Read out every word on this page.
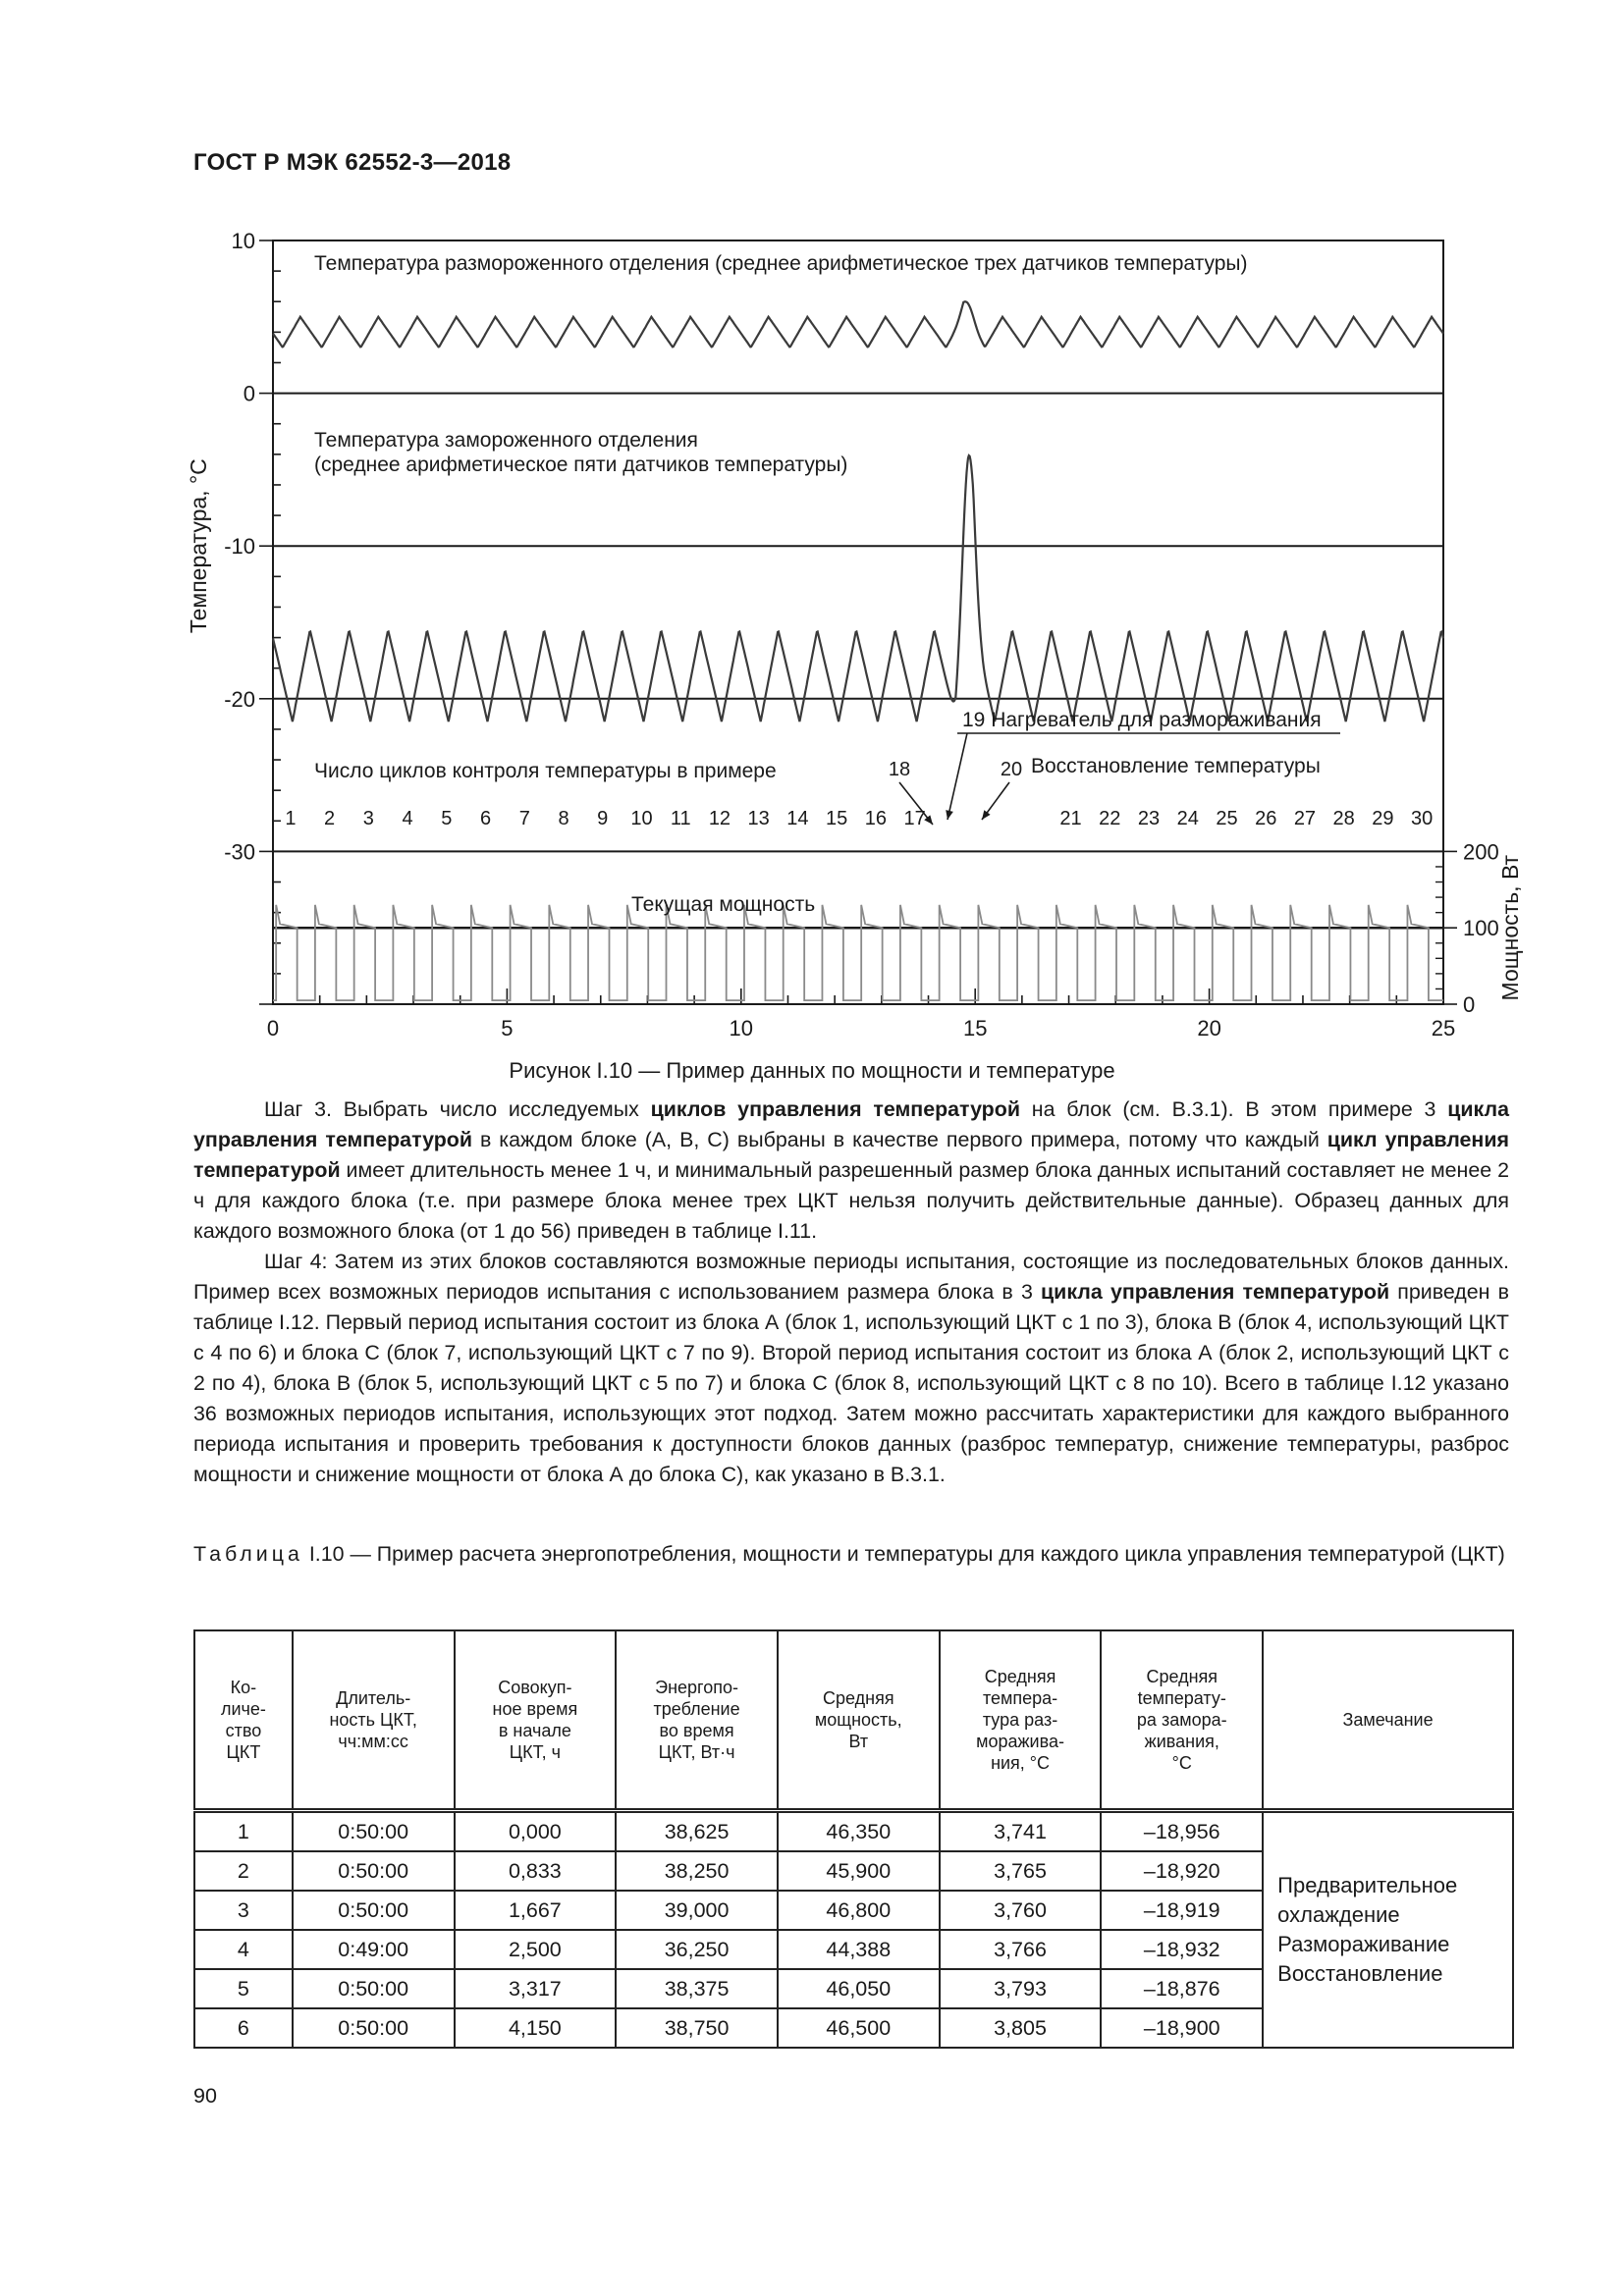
ГОСТ Р МЭК 62552-3—2018
10
0
-10
-20
-30	200
100
0
0	5	10	15	20	25
Температура, °С
Мощность, Вт
Температура размороженного отделения (среднее арифметическое трех датчиков температуры)
Температура замороженного отделения
(среднее арифметическое пяти датчиков температуры)
Число циклов контроля температуры в примере
19 Нагреватель для размораживания
Восстановление температуры
18	20
Текущая мощность
1 2 3 4 5 6 7 8 9 10 11 12 13 14 15 16 17	21 22 23 24 25 26 27 28 29 30
Рисунок I.10 — Пример данных по мощности и температуре

Шаг 3. Выбрать число исследуемых циклов управления температурой на блок (см. В.3.1). В этом примере 3 цикла управления температурой в каждом блоке (А, В, С) выбраны в качестве первого примера, потому что каждый цикл управления температурой имеет длительность менее 1 ч, и минимальный разрешенный размер блока данных испытаний составляет не менее 2 ч для каждого блока (т.е. при размере блока менее трех ЦКТ нельзя получить действительные данные). Образец данных для каждого возможного блока (от 1 до 56) приведен в таблице I.11.

Шаг 4: Затем из этих блоков составляются возможные периоды испытания, состоящие из последовательных блоков данных. Пример всех возможных периодов испытания с использованием размера блока в 3 цикла управления температурой приведен в таблице I.12. Первый период испытания состоит из блока А (блок 1, использующий ЦКТ с 1 по 3), блока В (блок 4, использующий ЦКТ с 4 по 6) и блока С (блок 7, использующий ЦКТ с 7 по 9). Второй период испытания состоит из блока А (блок 2, использующий ЦКТ с 2 по 4), блока В (блок 5, использующий ЦКТ с 5 по 7) и блока С (блок 8, использующий ЦКТ с 8 по 10). Всего в таблице I.12 указано 36 возможных периодов испытания, использующих этот подход. Затем можно рассчитать характеристики для каждого выбранного периода испытания и проверить требования к доступности блоков данных (разброс температур, снижение температуры, разброс мощности и снижение мощности от блока А до блока С), как указано в В.3.1.

Таблица I.10 — Пример расчета энергопотребления, мощности и температуры для каждого цикла управления температурой (ЦКТ)
Ко-
личе-
ство
ЦКТ	Длитель-
ность ЦКТ,
чч:мм:сс	Совокуп-
ное время
в начале
ЦКТ, ч	Энергопо-
требление
во время
ЦКТ, Вт·ч	Средняя
мощность,
Вт	Средняя
темпера-
тура раз-
моражива-
ния, °С	Средняя
tемперату-
ра замора-
живания,
°С	Замечание
1	0:50:00	0,000	38,625	46,350	3,741	–18,956	Предварительное
охлаждение
Размораживание
Восстановление
2	0:50:00	0,833	38,250	45,900	3,765	–18,920	
3	0:50:00	1,667	39,000	46,800	3,760	–18,919	
4	0:49:00	2,500	36,250	44,388	3,766	–18,932	
5	0:50:00	3,317	38,375	46,050	3,793	–18,876	
6	0:50:00	4,150	38,750	46,500	3,805	–18,900	
90
